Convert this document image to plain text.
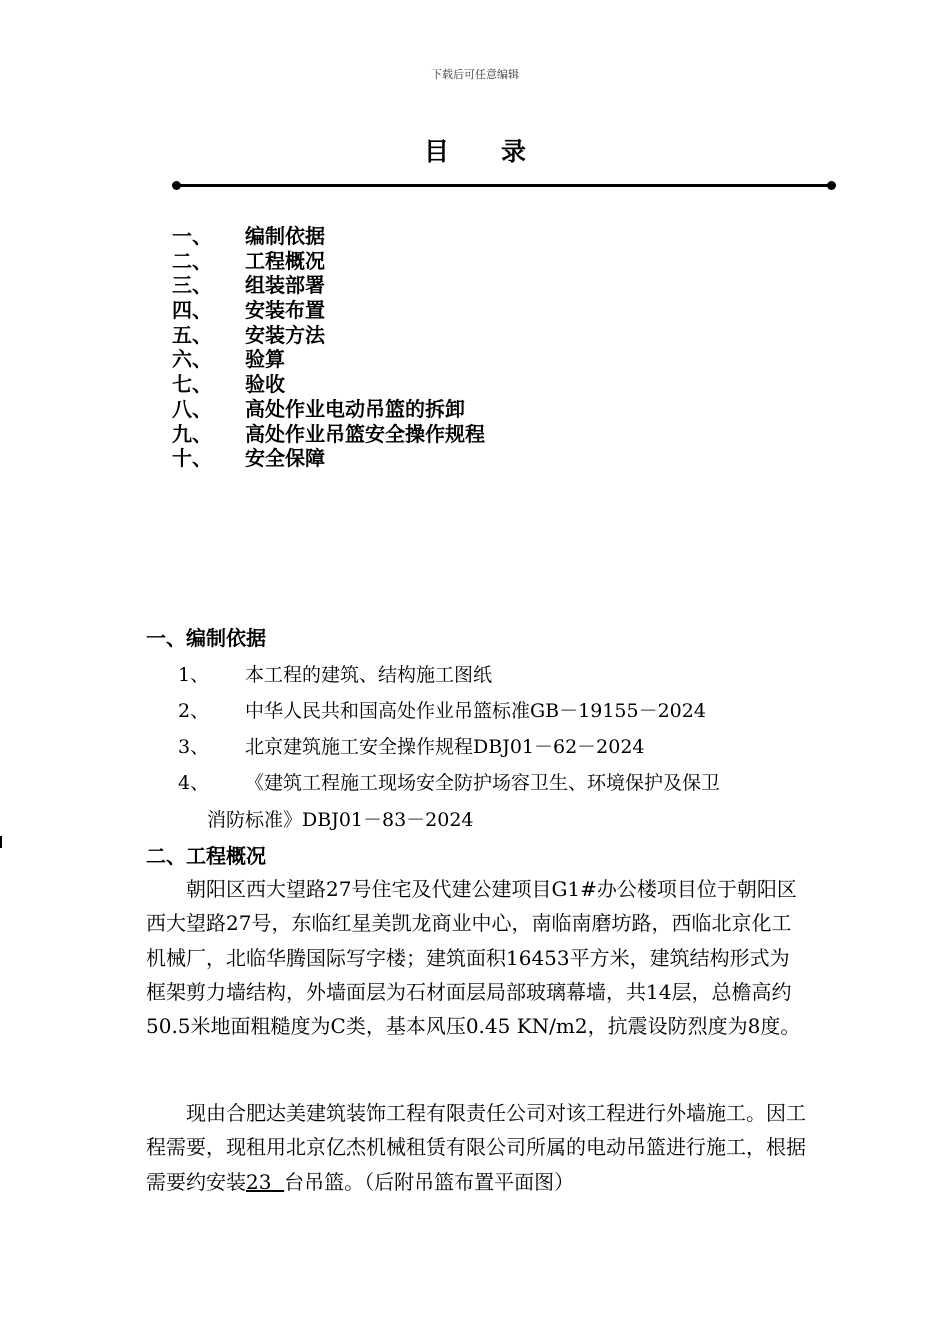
下载后可任意编辑
目录
一、 编制依据
二、 工程概况
三、 组装部署
四、 安装布置
五、 安装方法
六、 验算
七、 验收
八、 高处作业电动吊篮的拆卸
九、 高处作业吊篮安全操作规程
十、 安全保障
一、编制依据
1、 本工程的建筑、结构施工图纸
2、 中华人民共和国高处作业吊篮标准GB－19155－2024
3、 北京建筑施工安全操作规程DBJ01－62－2024
4、 《建筑工程施工现场安全防护场容卫生、环境保护及保卫
消防标准》DBJ01－83－2024
二、工程概况
朝阳区西大望路27号住宅及代建公建项目G1#办公楼项目位于朝阳区西大望路27号，东临红星美凯龙商业中心，南临南磨坊路，西临北京化工机械厂，北临华腾国际写字楼；建筑面积16453平方米，建筑结构形式为框架剪力墙结构，外墙面层为石材面层局部玻璃幕墙，共14层，总檐高约50.5米地面粗糙度为C类，基本风压0.45 KN/m2，抗震设防烈度为8度。
现由合肥达美建筑装饰工程有限责任公司对该工程进行外墙施工。因工程需要，现租用北京亿杰机械租赁有限公司所属的电动吊篮进行施工，根据需要约安装23 台吊篮。（后附吊篮布置平面图）
